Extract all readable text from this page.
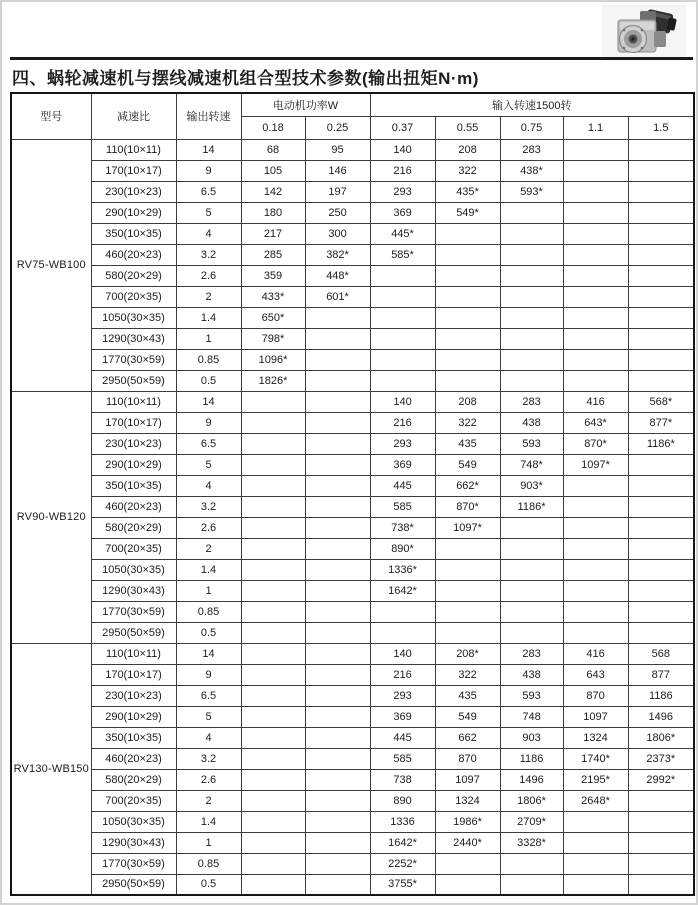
四、蜗轮减速机与摆线减速机组合型技术参数(输出扭矩N·m)
型号	减速比	输出转速	电动机功率W		输入转速1500转				
			0.18	0.25	0.37	0.55	0.75	1.1	1.5
RV75-WB100	110(10×11)	14	68	95	140	208	283		
	170(10×17)	9	105	146	216	322	438*		
	230(10×23)	6.5	142	197	293	435*	593*		
	290(10×29)	5	180	250	369	549*			
	350(10×35)	4	217	300	445*				
	460(20×23)	3.2	285	382*	585*				
	580(20×29)	2.6	359	448*					
	700(20×35)	2	433*	601*					
	1050(30×35)	1.4	650*						
	1290(30×43)	1	798*						
	1770(30×59)	0.85	1096*						
	2950(50×59)	0.5	1826*						
RV90-WB120	110(10×11)	14			140	208	283	416	568*
	170(10×17)	9			216	322	438	643*	877*
	230(10×23)	6.5			293	435	593	870*	1186*
	290(10×29)	5			369	549	748*	1097*	
	350(10×35)	4			445	662*	903*		
	460(20×23)	3.2			585	870*	1186*		
	580(20×29)	2.6			738*	1097*			
	700(20×35)	2			890*				
	1050(30×35)	1.4			1336*				
	1290(30×43)	1			1642*				
	1770(30×59)	0.85							
	2950(50×59)	0.5							
RV130-WB150	110(10×11)	14			140	208*	283	416	568
	170(10×17)	9			216	322	438	643	877
	230(10×23)	6.5			293	435	593	870	1186
	290(10×29)	5			369	549	748	1097	1496
	350(10×35)	4			445	662	903	1324	1806*
	460(20×23)	3.2			585	870	1186	1740*	2373*
	580(20×29)	2.6			738	1097	1496	2195*	2992*
	700(20×35)	2			890	1324	1806*	2648*	
	1050(30×35)	1.4			1336	1986*	2709*		
	1290(30×43)	1			1642*	2440*	3328*		
	1770(30×59)	0.85			2252*				
	2950(50×59)	0.5			3755*				
